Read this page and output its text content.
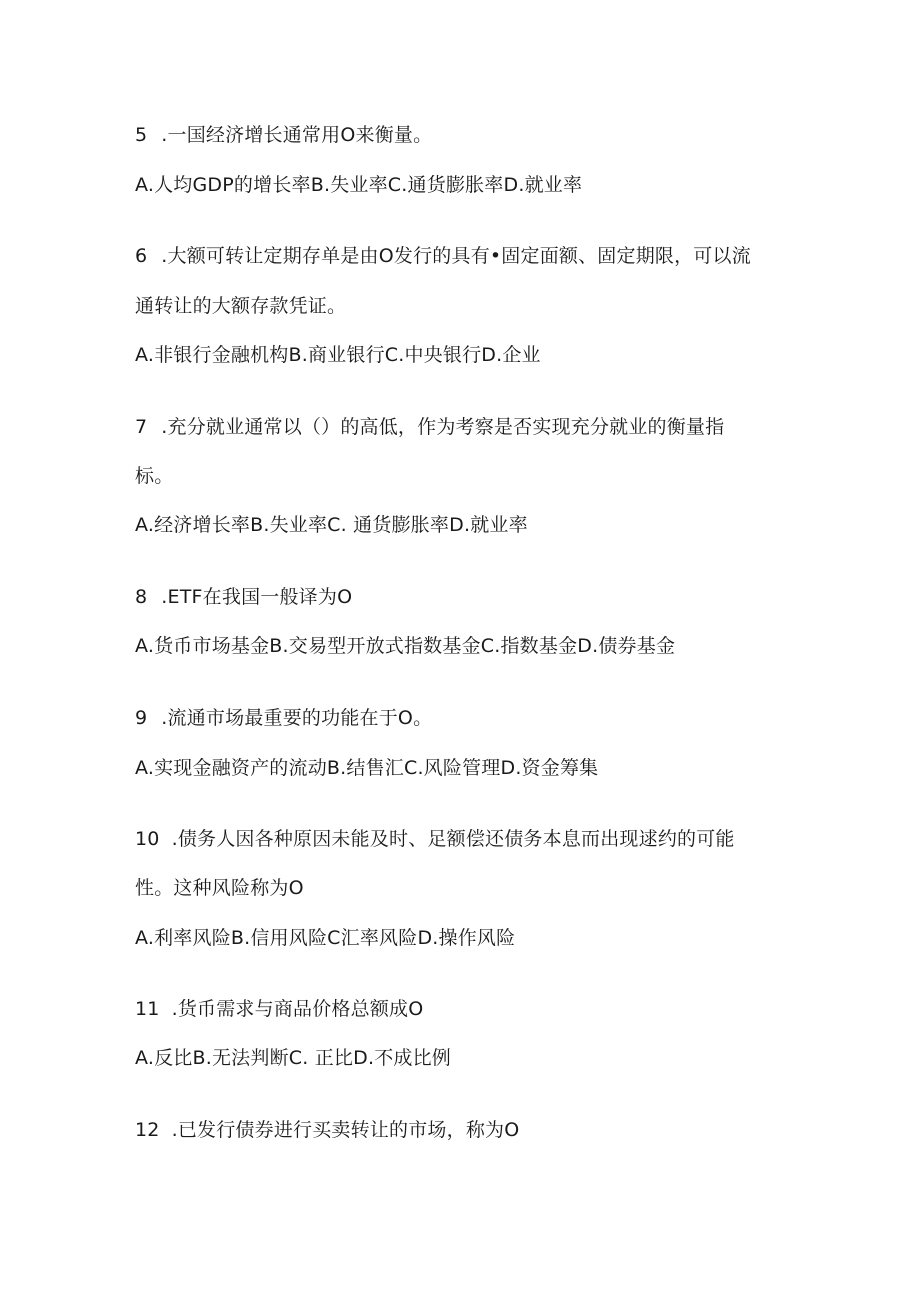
5 .一国经济增长通常用O来衡量。
A.人均GDP的增长率B.失业率C.通货膨胀率D.就业率
6 .大额可转让定期存单是由O发行的具有•固定面额、固定期限，可以流
通转让的大额存款凭证。
A.非银行金融机构B.商业银行C.中央银行D.企业
7 .充分就业通常以（）的高低，作为考察是否实现充分就业的衡量指
标。
A.经济增长率B.失业率C. 通货膨胀率D.就业率
8 .ETF在我国一般译为O
A.货币市场基金B.交易型开放式指数基金C.指数基金D.债券基金
9 .流通市场最重要的功能在于O。
A.实现金融资产的流动B.结售汇C.风险管理D.资金筹集
10 .债务人因各种原因未能及时、足额偿还债务本息而出现逑约的可能
性。这种风险称为O
A.利率风险B.信用风险C汇率风险D.操作风险
11 .货币需求与商品价格总额成O
A.反比B.无法判断C. 正比D.不成比例
12 .已发行债券进行买卖转让的市场，称为O
